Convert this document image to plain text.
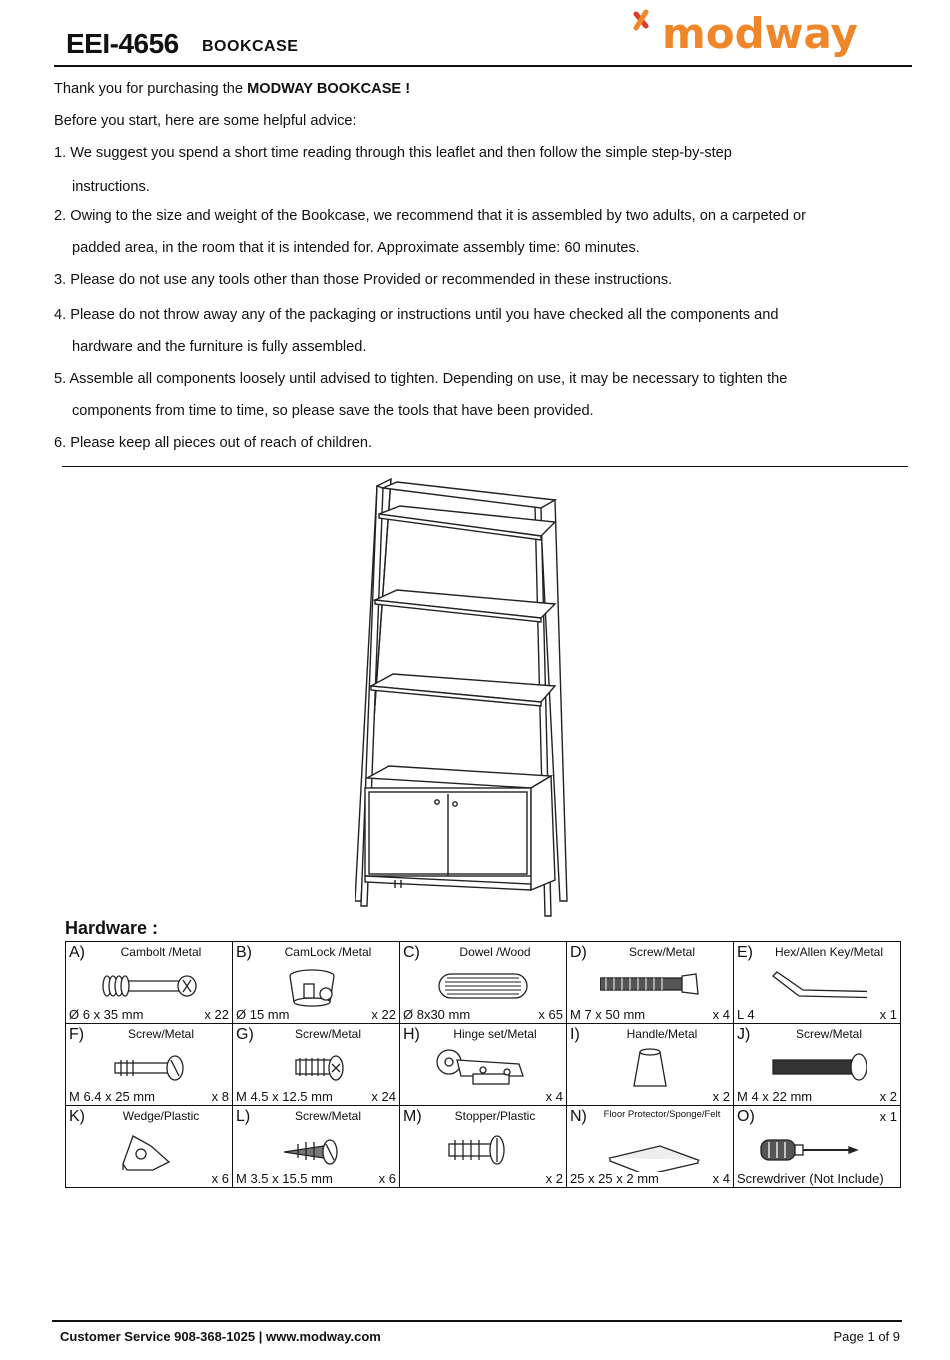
EEI-4656 BOOKCASE	modway
Thank you for purchasing the MODWAY BOOKCASE !
Before you start, here are some helpful advice:
1. We suggest you spend a short time reading through this leaflet and then follow the simple step-by-step
instructions.
2. Owing to the size and weight of the Bookcase, we recommend that it is assembled by two adults, on a carpeted or
padded area, in the room that it is intended for. Approximate assembly time: 60 minutes.
3. Please do not use any tools other than those Provided or recommended in these instructions.
4. Please do not throw away any of the packaging or instructions until you have checked all the components and
hardware and the furniture is fully assembled.
5. Assemble all components loosely until advised to tighten. Depending on use, it may be necessary to tighten the
components from time to time, so please save the tools that have been provided.
6. Please keep all pieces out of reach of children.
Hardware :
A) Cambolt /Metal
Ø 6 x 35 mm x 22	B) CamLock /Metal
Ø 15 mm x 22	C) Dowel /Wood
Ø 8x30 mm x 65	D) Screw/Metal
M 7 x 50 mm x 4	E) Hex/Allen Key/Metal
L 4 x 1

F) Screw/Metal
M 6.4 x 25 mm x 8	G) Screw/Metal
M 4.5 x 12.5 mm x 24	H) Hinge set/Metal
x 4	I) Handle/Metal
x 2	J) Screw/Metal
M 4 x 22 mm x 2

K) Wedge/Plastic
x 6	L) Screw/Metal
M 3.5 x 15.5 mm x 6	M) Stopper/Plastic
x 2	N) Floor Protector/Sponge/Felt
25 x 25 x 2 mm x 4	O) x 1
Screwdriver (Not Include)
Customer Service 908-368-1025 | www.modway.com	Page 1 of 9
